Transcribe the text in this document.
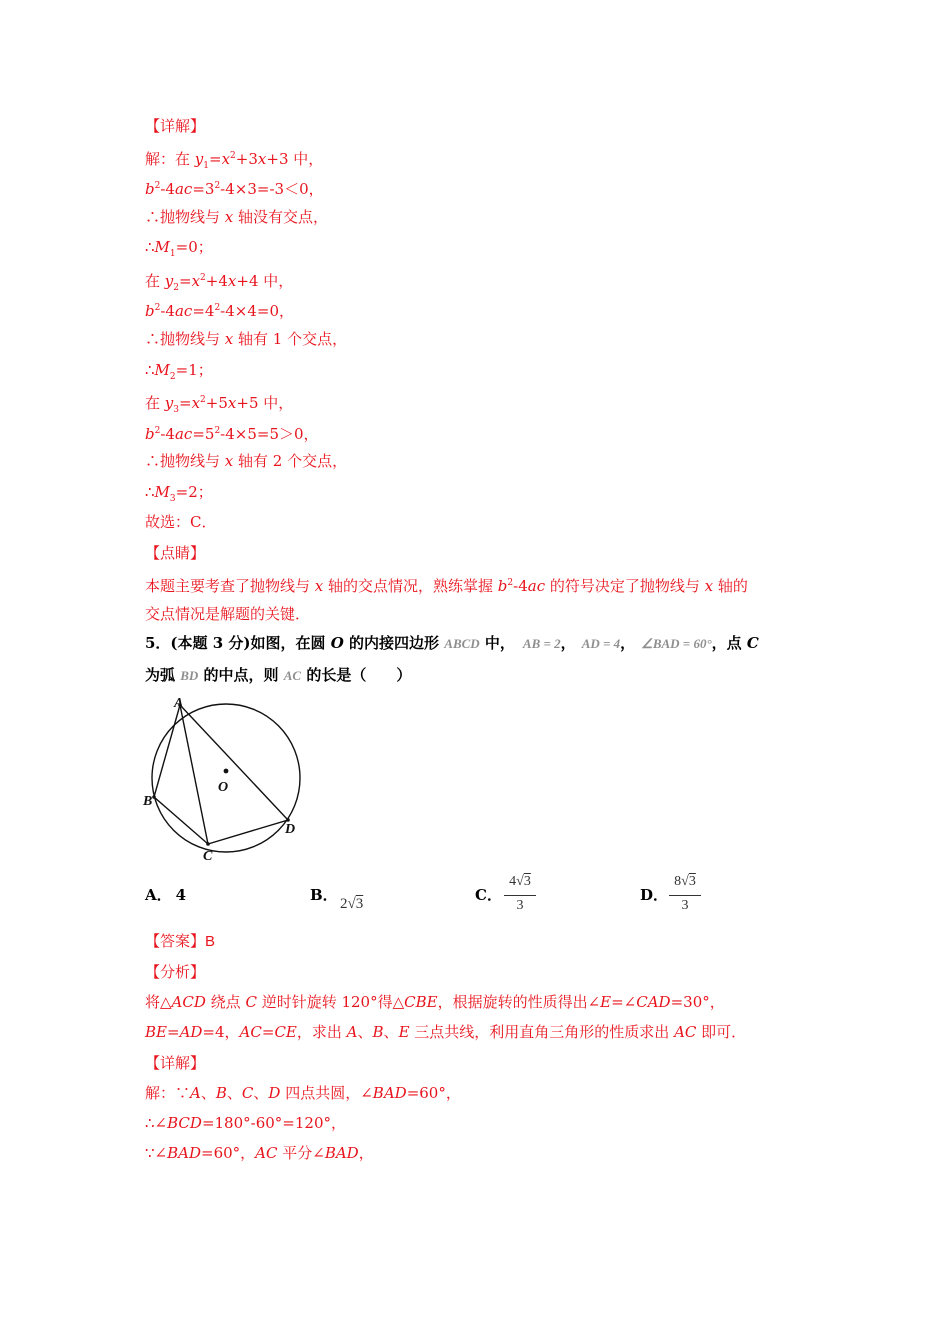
【详解】
解：在 $y_1=x^2+3x+3$ 中，
$b^2-4ac=3^2-4\times 3=-3<0$，
∴抛物线与 x 轴没有交点，
$\therefore M_1=0$；
在 $y_2=x^2+4x+4$ 中，
$b^2-4ac=4^2-4\times 4=0$，
∴抛物线与 x 轴有 1 个交点，
$\therefore M_2=1$；
在 $y_3=x^2+5x+5$ 中，
$b^2-4ac=5^2-4\times 5=5>0$，
∴抛物线与 x 轴有 2 个交点，
$\therefore M_3=2$；
故选：C．
【点睛】
本题主要考查了抛物线与 x 轴的交点情况，熟练掌握 $b^2-4ac$ 的符号决定了抛物线与 x 轴的
交点情况是解题的关键．
5．(本题 3 分)如图，在圆 O 的内接四边形 ABCD 中， AB = 2， AD = 4， ∠BAD = 60°，点 C
为弧 BD 的中点，则 AC 的长是（　　）
A
B
C
D
O
A． 4	B． 2√3	C．
4√3
3
D．
8√3
3
【答案】B
【分析】
将△ACD 绕点 C 逆时针旋转 120°得△CBE，根据旋转的性质得出∠E=∠CAD=30°，
BE=AD=4，AC=CE，求出 A、B、E 三点共线，利用直角三角形的性质求出 AC 即可．
【详解】
解：∵A、B、C、D 四点共圆，∠BAD=60°，
∴∠BCD=180°-60°=120°，
∵∠BAD=60°，AC 平分∠BAD，
